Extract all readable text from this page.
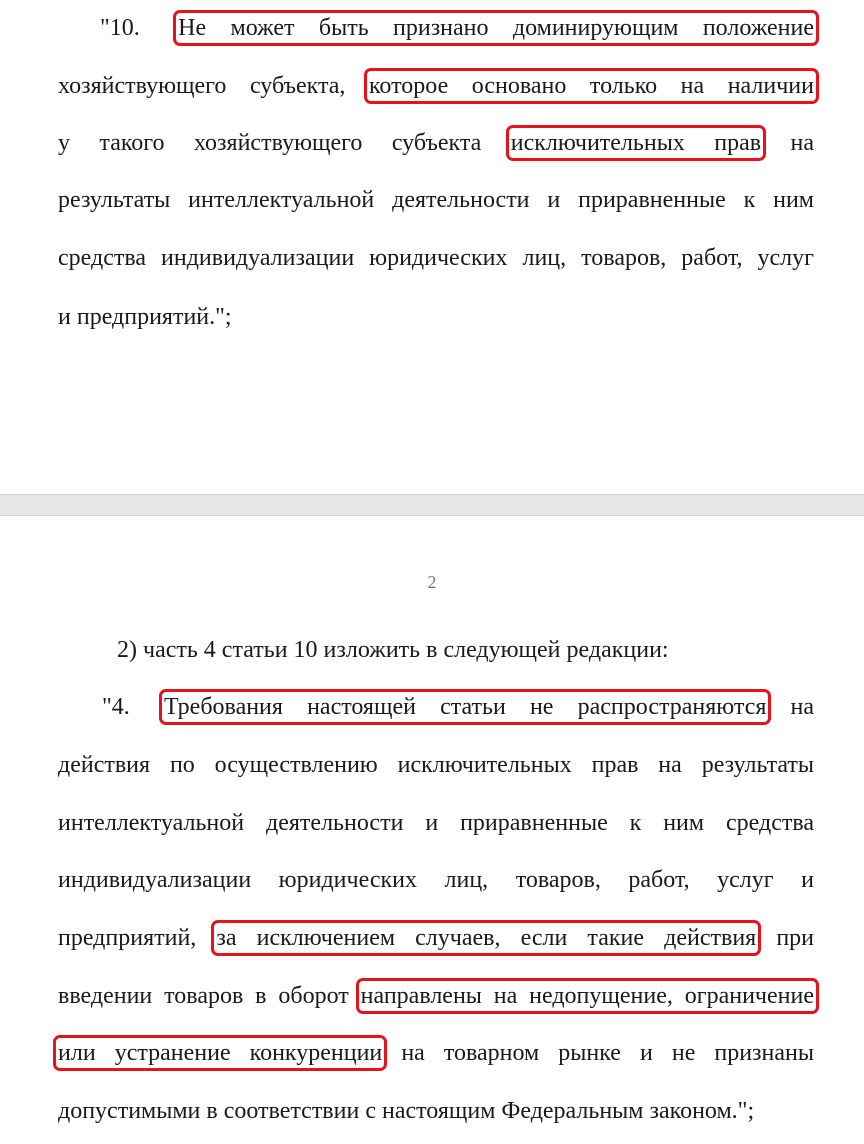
"10. Не может быть признано доминирующим положение
хозяйствующего субъекта, которое основано только на наличии
у такого хозяйствующего субъекта исключительных прав на
результаты интеллектуальной деятельности и приравненные к ним
средства индивидуализации юридических лиц, товаров, работ, услуг
и предприятий.";
2
2) часть 4 статьи 10 изложить в следующей редакции:
"4. Требования настоящей статьи не распространяются на
действия по осуществлению исключительных прав на результаты
интеллектуальной деятельности и приравненные к ним средства
индивидуализации юридических лиц, товаров, работ, услуг и
предприятий, за исключением случаев, если такие действия при
введении товаров в оборот направлены на недопущение, ограничение
или устранение конкуренции на товарном рынке и не признаны
допустимыми в соответствии с настоящим Федеральным законом.";
